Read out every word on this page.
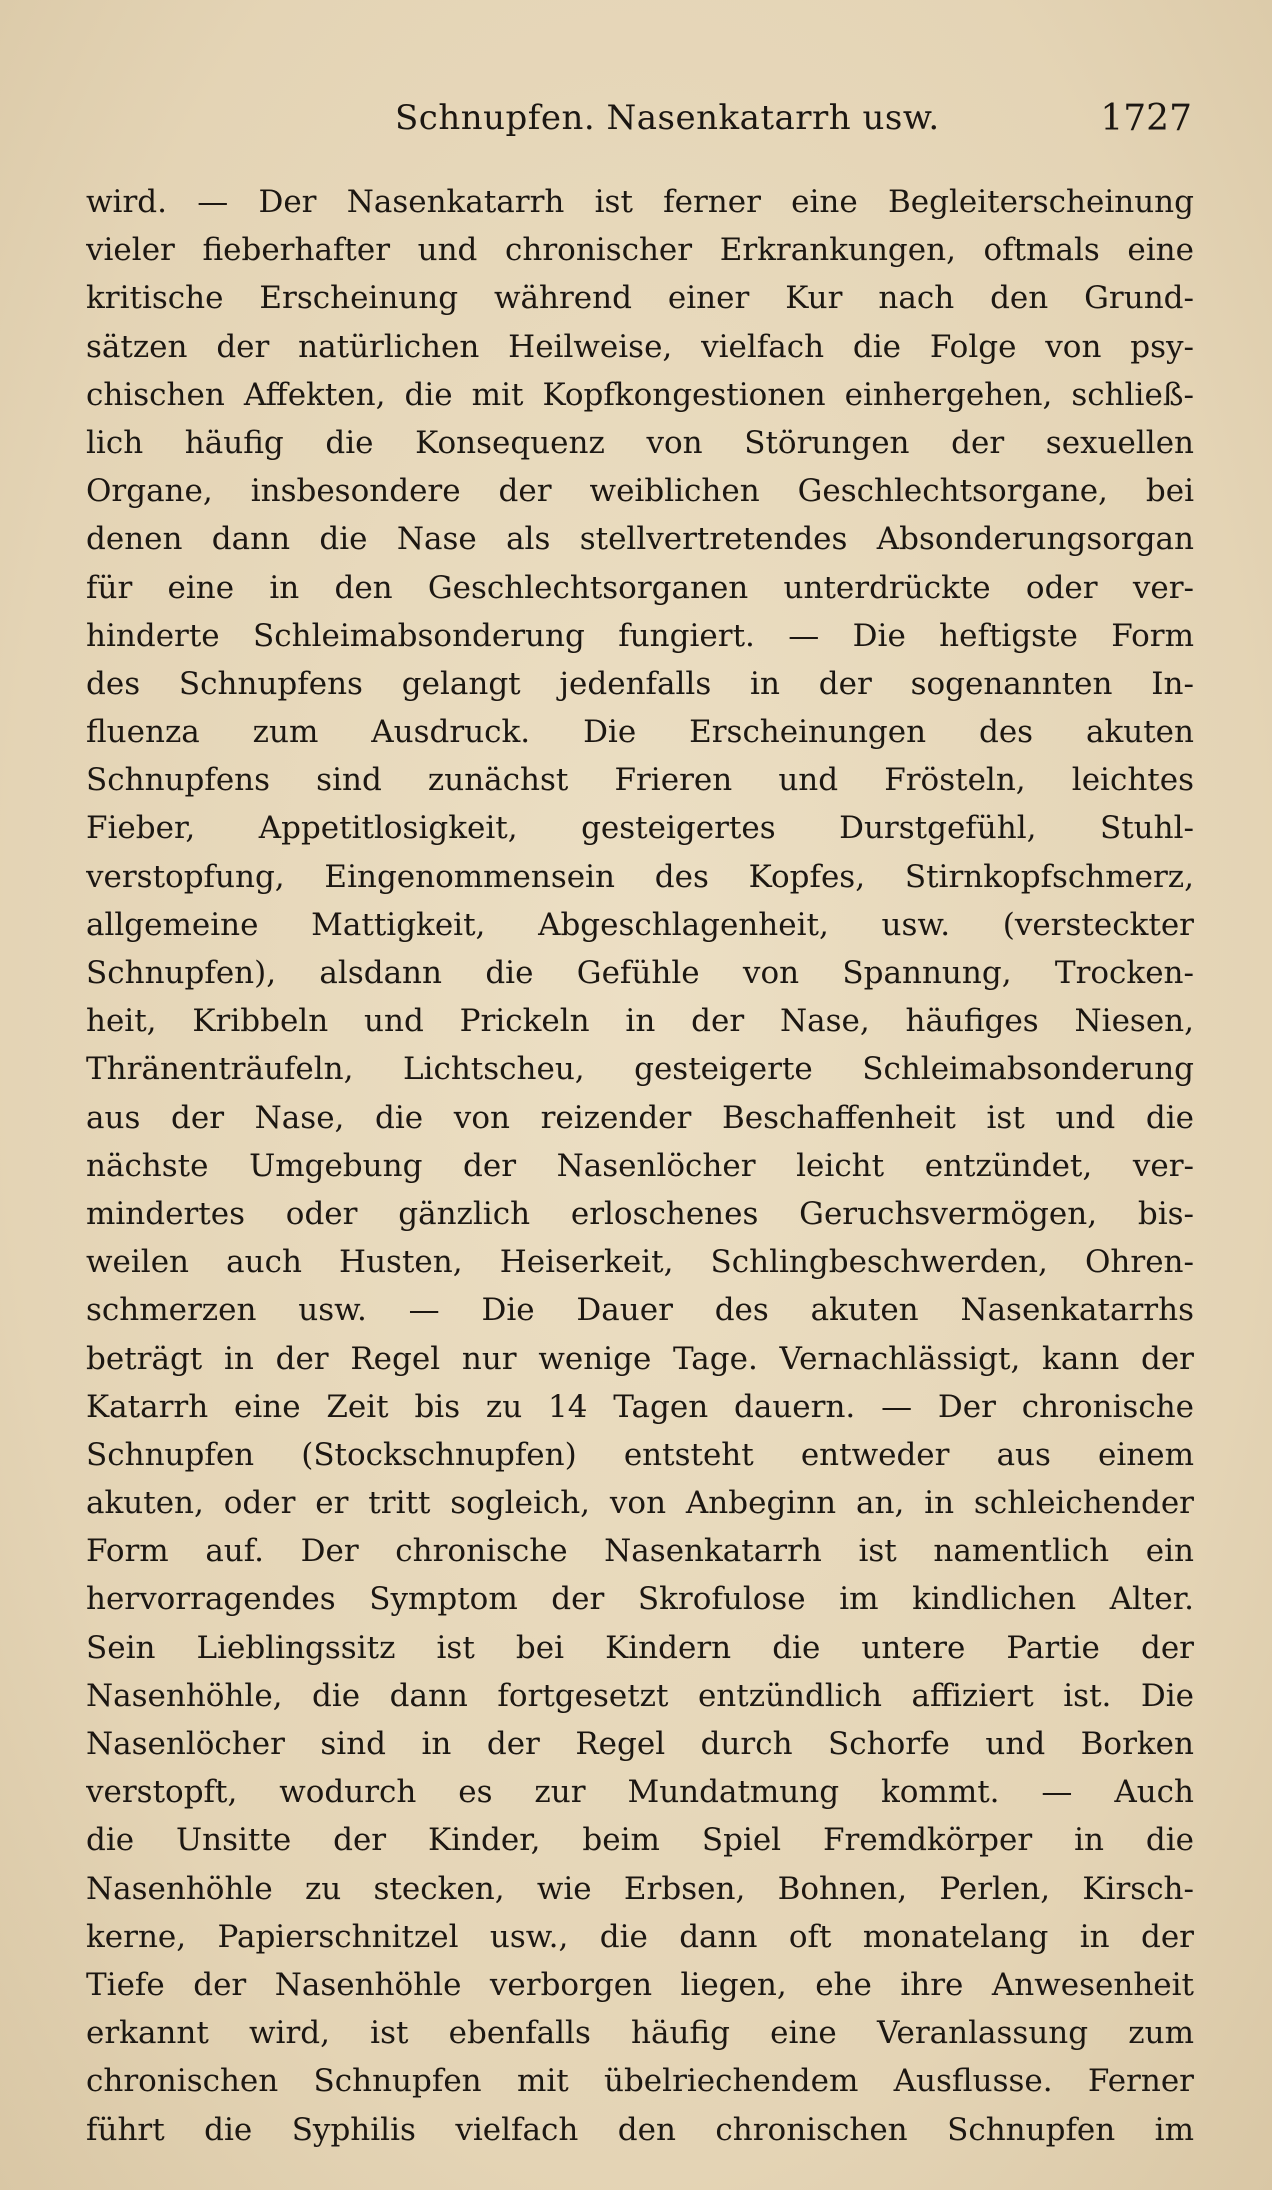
Schnupfen. Nasenkatarrh usw.	1727
wird. — Der Nasenkatarrh ist ferner eine Begleiterscheinung
vieler fieberhafter und chronischer Erkrankungen, oftmals eine
kritische Erscheinung während einer Kur nach den Grund-
sätzen der natürlichen Heilweise, vielfach die Folge von psy-
chischen Affekten, die mit Kopfkongestionen einhergehen, schließ-
lich häufig die Konsequenz von Störungen der sexuellen
Organe, insbesondere der weiblichen Geschlechtsorgane, bei
denen dann die Nase als stellvertretendes Absonderungsorgan
für eine in den Geschlechtsorganen unterdrückte oder ver-
hinderte Schleimabsonderung fungiert. — Die heftigste Form
des Schnupfens gelangt jedenfalls in der sogenannten In-
fluenza zum Ausdruck. Die Erscheinungen des akuten
Schnupfens sind zunächst Frieren und Frösteln, leichtes
Fieber, Appetitlosigkeit, gesteigertes Durstgefühl, Stuhl-
verstopfung, Eingenommensein des Kopfes, Stirnkopfschmerz,
allgemeine Mattigkeit, Abgeschlagenheit, usw. (versteckter
Schnupfen), alsdann die Gefühle von Spannung, Trocken-
heit, Kribbeln und Prickeln in der Nase, häufiges Niesen,
Thränenträufeln, Lichtscheu, gesteigerte Schleimabsonderung
aus der Nase, die von reizender Beschaffenheit ist und die
nächste Umgebung der Nasenlöcher leicht entzündet, ver-
mindertes oder gänzlich erloschenes Geruchsvermögen, bis-
weilen auch Husten, Heiserkeit, Schlingbeschwerden, Ohren-
schmerzen usw. — Die Dauer des akuten Nasenkatarrhs
beträgt in der Regel nur wenige Tage. Vernachlässigt, kann der
Katarrh eine Zeit bis zu 14 Tagen dauern. — Der chronische
Schnupfen (Stockschnupfen) entsteht entweder aus einem
akuten, oder er tritt sogleich, von Anbeginn an, in schleichender
Form auf. Der chronische Nasenkatarrh ist namentlich ein
hervorragendes Symptom der Skrofulose im kindlichen Alter.
Sein Lieblingssitz ist bei Kindern die untere Partie der
Nasenhöhle, die dann fortgesetzt entzündlich affiziert ist. Die
Nasenlöcher sind in der Regel durch Schorfe und Borken
verstopft, wodurch es zur Mundatmung kommt. — Auch
die Unsitte der Kinder, beim Spiel Fremdkörper in die
Nasenhöhle zu stecken, wie Erbsen, Bohnen, Perlen, Kirsch-
kerne, Papierschnitzel usw., die dann oft monatelang in der
Tiefe der Nasenhöhle verborgen liegen, ehe ihre Anwesenheit
erkannt wird, ist ebenfalls häufig eine Veranlassung zum
chronischen Schnupfen mit übelriechendem Ausflusse. Ferner
führt die Syphilis vielfach den chronischen Schnupfen im
